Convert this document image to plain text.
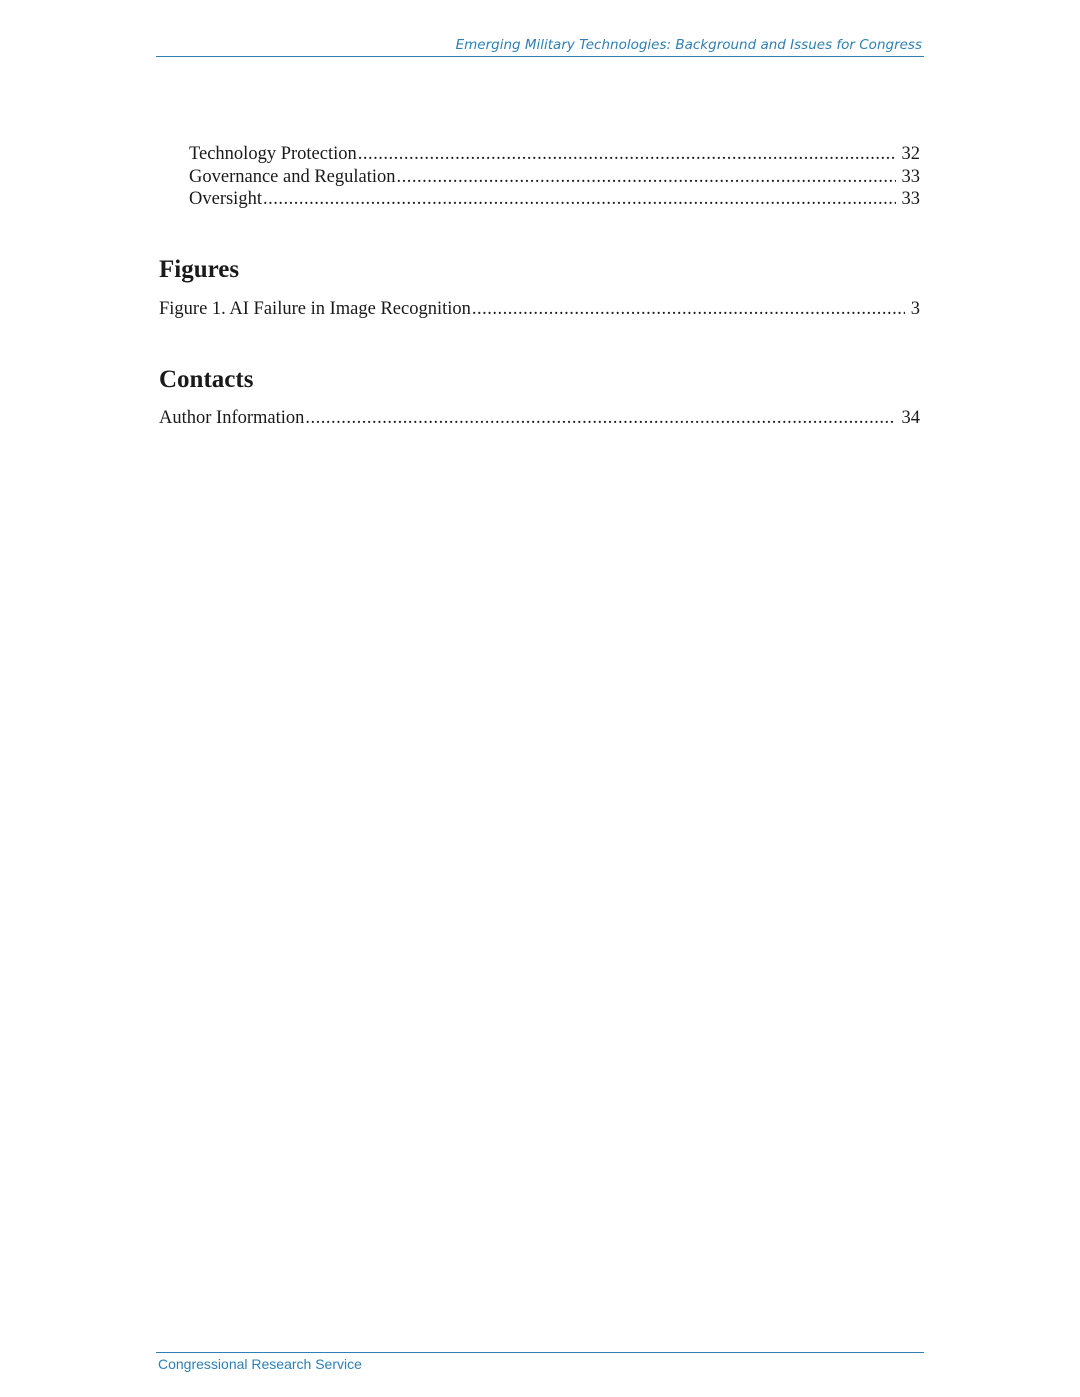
Emerging Military Technologies: Background and Issues for Congress
Technology Protection .....	32
Governance and Regulation .....	33
Oversight .....	33
Figures
Figure 1. AI Failure in Image Recognition .....	3
Contacts
Author Information .....	34
Congressional Research Service
